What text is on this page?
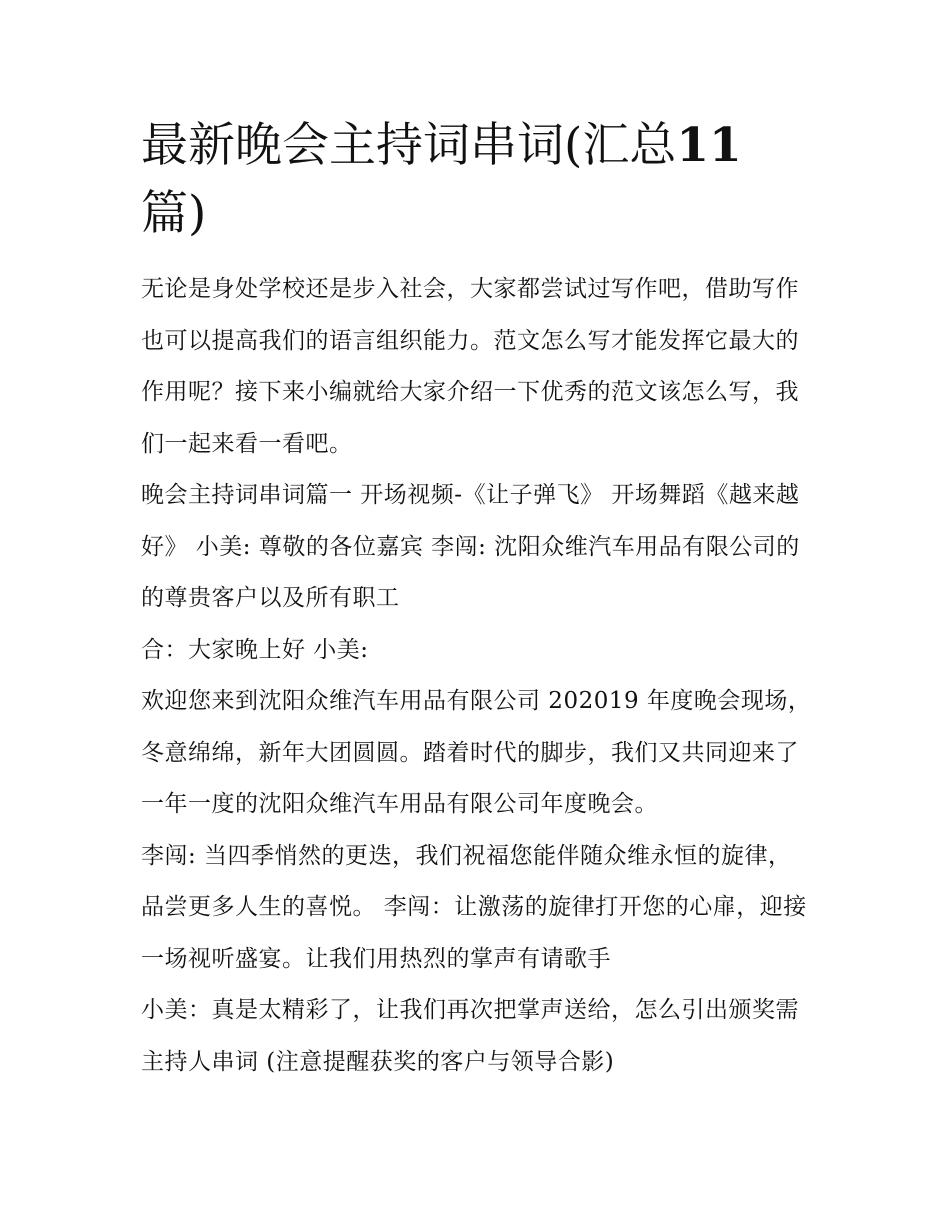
最新晚会主持词串词(汇总11
篇)

无论是身处学校还是步入社会，大家都尝试过写作吧，借助写作也可以提高我们的语言组织能力。范文怎么写才能发挥它最大的作用呢？接下来小编就给大家介绍一下优秀的范文该怎么写，我们一起来看一看吧。

晚会主持词串词篇一 开场视频-《让子弹飞》 开场舞蹈《越来越好》 小美: 尊敬的各位嘉宾 李闯: 沈阳众维汽车用品有限公司的的尊贵客户以及所有职工

合：大家晚上好 小美:

欢迎您来到沈阳众维汽车用品有限公司 202019 年度晚会现场，冬意绵绵，新年大团圆圆。踏着时代的脚步，我们又共同迎来了一年一度的沈阳众维汽车用品有限公司年度晚会。

李闯: 当四季悄然的更迭，我们祝福您能伴随众维永恒的旋律，品尝更多人生的喜悦。 李闯：让激荡的旋律打开您的心扉，迎接一场视听盛宴。让我们用热烈的掌声有请歌手

小美：真是太精彩了，让我们再次把掌声送给，怎么引出颁奖需主持人串词 (注意提醒获奖的客户与领导合影)
